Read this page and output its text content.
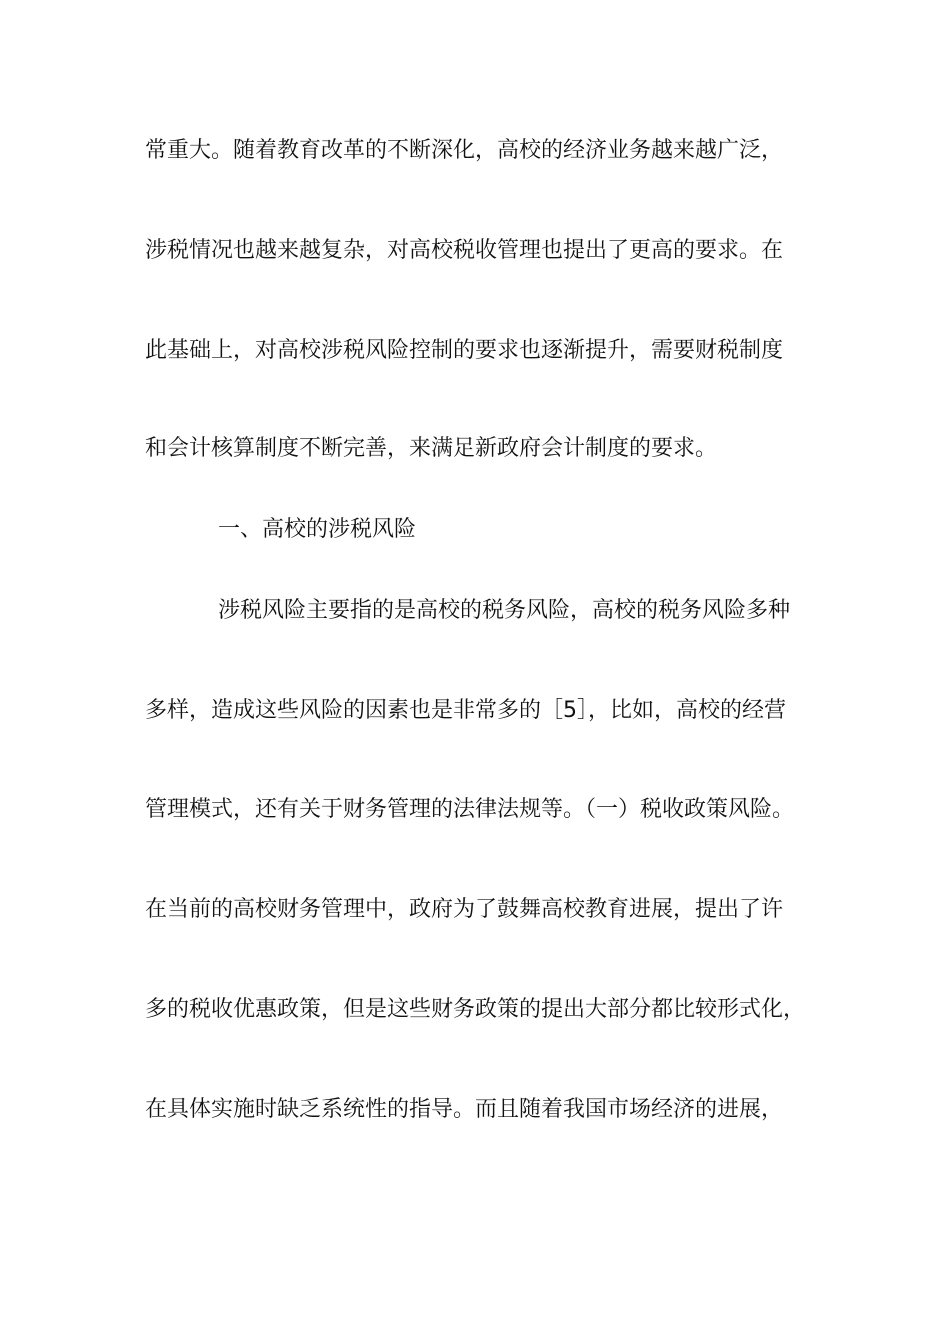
常重大。随着教育改革的不断深化，高校的经济业务越来越广泛，
涉税情况也越来越复杂，对高校税收管理也提出了更高的要求。在
此基础上，对高校涉税风险控制的要求也逐渐提升，需要财税制度
和会计核算制度不断完善，来满足新政府会计制度的要求。
一、高校的涉税风险
涉税风险主要指的是高校的税务风险，高校的税务风险多种
多样，造成这些风险的因素也是非常多的［5］，比如，高校的经营
管理模式，还有关于财务管理的法律法规等。（一）税收政策风险。
在当前的高校财务管理中，政府为了鼓舞高校教育进展，提出了许
多的税收优惠政策，但是这些财务政策的提出大部分都比较形式化，
在具体实施时缺乏系统性的指导。而且随着我国市场经济的进展，
